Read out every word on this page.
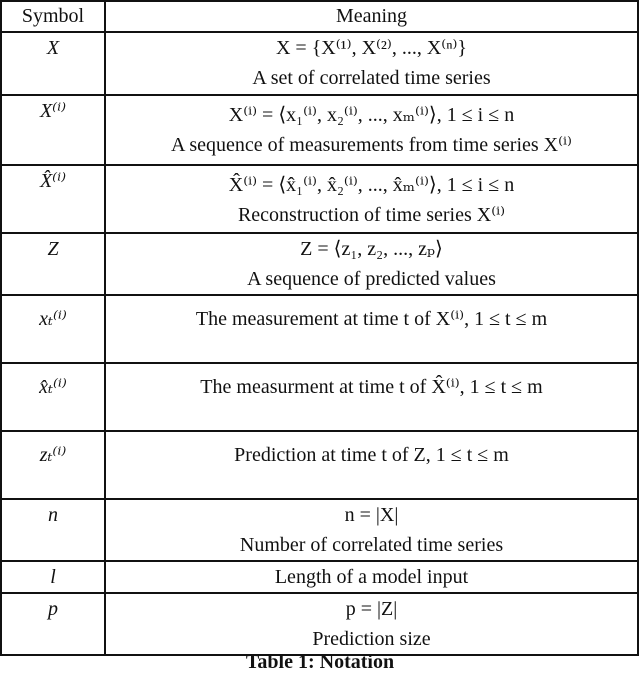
Symbol	Meaning
X	X = {X⁽¹⁾, X⁽²⁾, ..., X⁽ⁿ⁾}
A set of correlated time series

X⁽ⁱ⁾	X⁽ⁱ⁾ = ⟨x₁⁽ⁱ⁾, x₂⁽ⁱ⁾, ..., xₘ⁽ⁱ⁾⟩, 1 ≤ i ≤ n
A sequence of measurements from time series X⁽ⁱ⁾

X̂⁽ⁱ⁾	X̂⁽ⁱ⁾ = ⟨x̂₁⁽ⁱ⁾, x̂₂⁽ⁱ⁾, ..., x̂ₘ⁽ⁱ⁾⟩, 1 ≤ i ≤ n
Reconstruction of time series X⁽ⁱ⁾

Z	Z = ⟨z₁, z₂, ..., zₚ⟩
A sequence of predicted values

xₜ⁽ⁱ⁾	The measurement at time t of X⁽ⁱ⁾, 1 ≤ t ≤ m

x̂ₜ⁽ⁱ⁾	The measurment at time t of X̂⁽ⁱ⁾, 1 ≤ t ≤ m

zₜ⁽ⁱ⁾	Prediction at time t of Z, 1 ≤ t ≤ m

n	n = |X|
Number of correlated time series

l	Length of a model input

p	p = |Z|
Prediction size
Table 1: Notation
